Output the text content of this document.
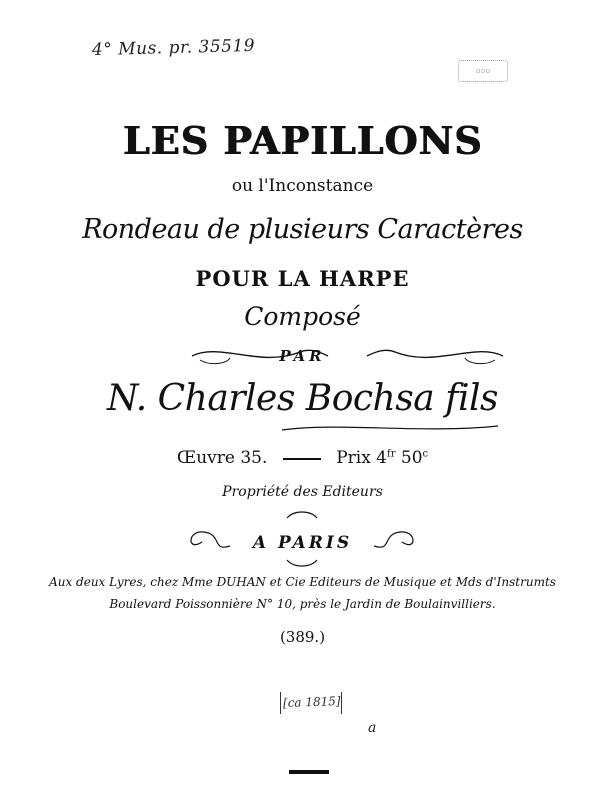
4° Mus. pr. 35519
▫▫▫
LES PAPILLONS
ou l'Inconstance
Rondeau de plusieurs Caractères
POUR LA HARPE
Composé
PAR
N. Charles Bochsa fils
Œuvre 35.	Prix $4^{fr}$ 50$^c$
Propriété des Editeurs
A PARIS
Aux deux Lyres, chez Mme DUHAN et Cie Editeurs de Musique et Mds d'Instrumts
Boulevard Poissonnière N° 10, près le Jardin de Boulainvilliers.
(389.)
[ca 1815]
a
